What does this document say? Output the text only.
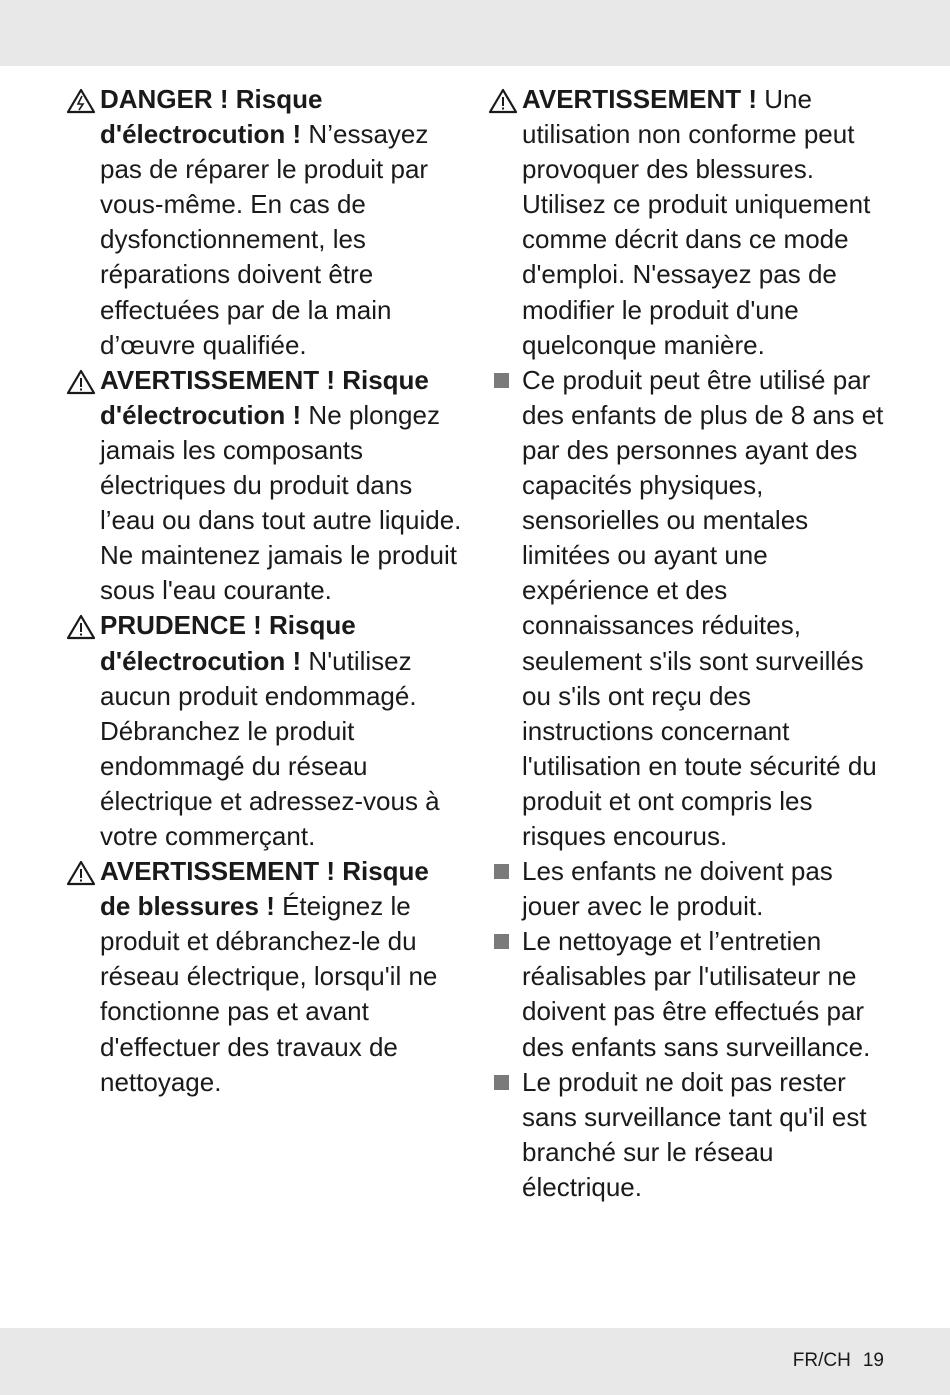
DANGER ! Risque d'électrocution ! N’essayez pas de réparer le produit par vous-même. En cas de dysfonctionnement, les réparations doivent être effectuées par de la main d’œuvre qualifiée.
AVERTISSEMENT ! Risque d'électrocution ! Ne plongez jamais les composants électriques du produit dans l’eau ou dans tout autre liquide. Ne maintenez jamais le produit sous l'eau courante.
PRUDENCE ! Risque d'électrocution ! N'utilisez aucun produit endommagé. Débranchez le produit endommagé du réseau électrique et adressez-vous à votre commerçant.
AVERTISSEMENT ! Risque de blessures ! Éteignez le produit et débranchez-le du réseau électrique, lorsqu'il ne fonctionne pas et avant d'effectuer des travaux de nettoyage.
AVERTISSEMENT ! Une utilisation non conforme peut provoquer des blessures. Utilisez ce produit uniquement comme décrit dans ce mode d'emploi. N'essayez pas de modifier le produit d'une quelconque manière.
Ce produit peut être utilisé par des enfants de plus de 8 ans et par des personnes ayant des capacités physiques, sensorielles ou mentales limitées ou ayant une expérience et des connaissances réduites, seulement s'ils sont surveillés ou s'ils ont reçu des instructions concernant l'utilisation en toute sécurité du produit et ont compris les risques encourus.
Les enfants ne doivent pas jouer avec le produit.
Le nettoyage et l’entretien réalisables par l'utilisateur ne doivent pas être effectués par des enfants sans surveillance.
Le produit ne doit pas rester sans surveillance tant qu'il est branché sur le réseau électrique.
FR/CH 19
